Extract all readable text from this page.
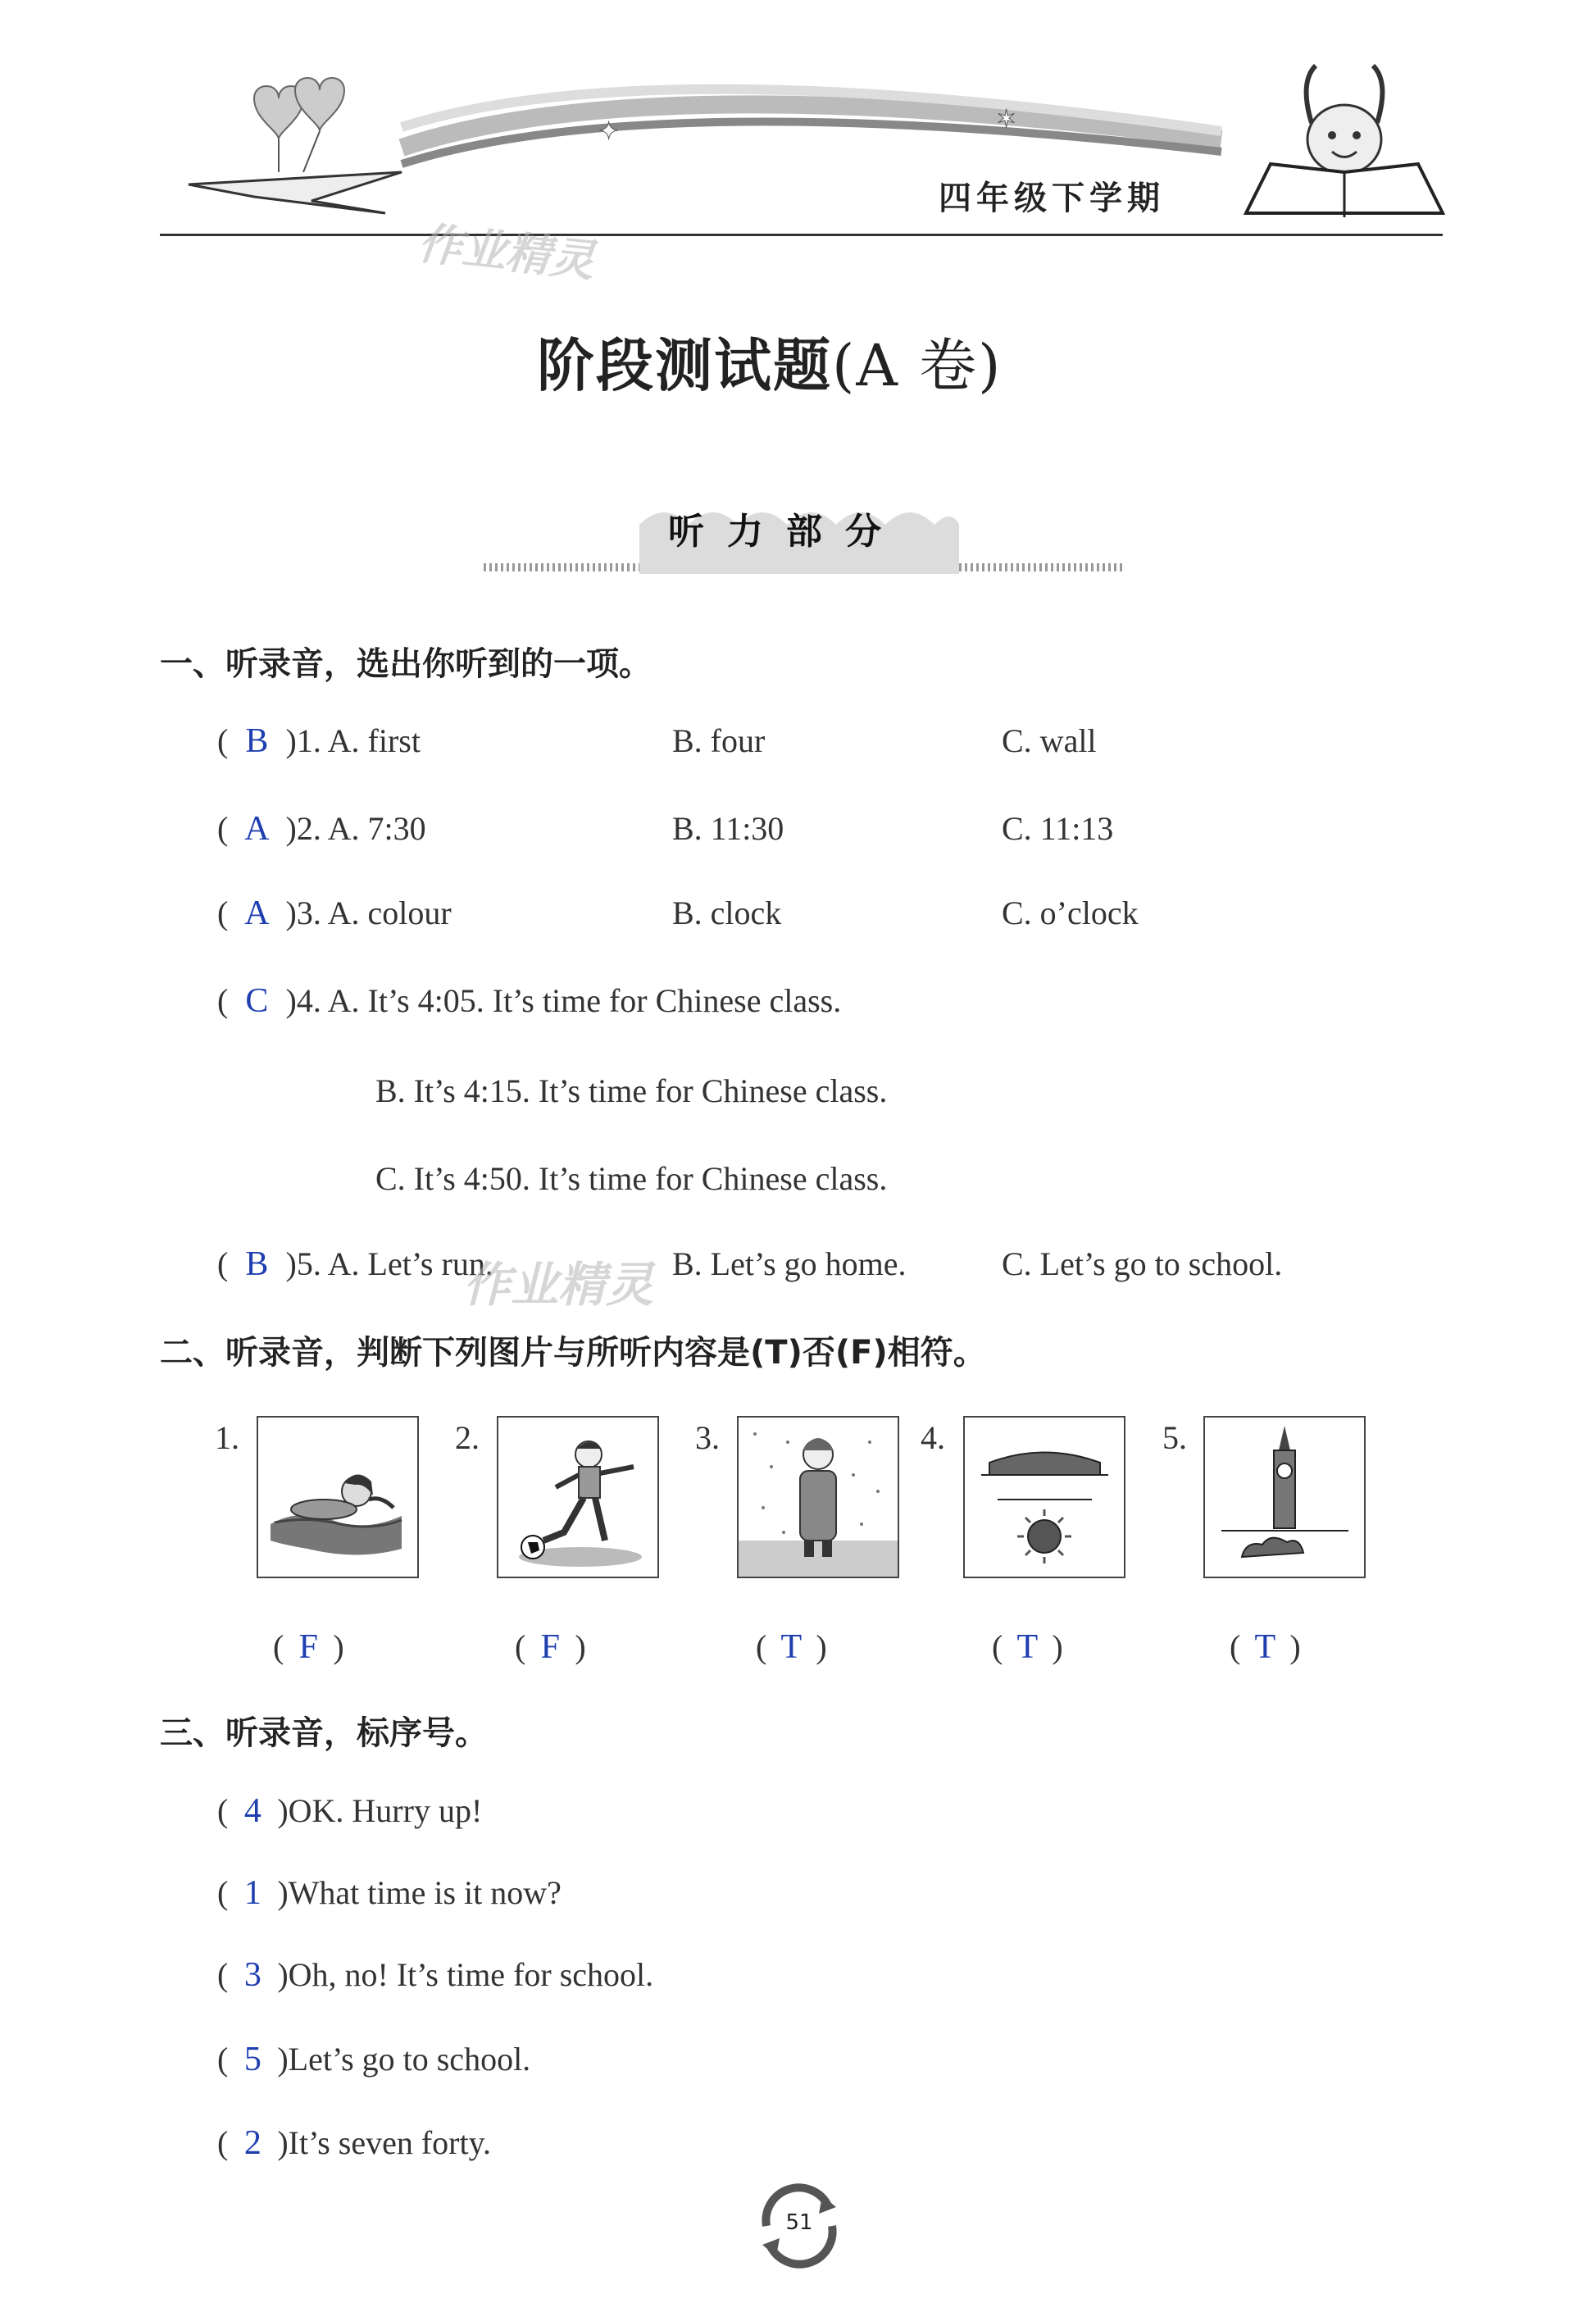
✦	✶
四年级下学期
作业精灵
阶段测试题(A 卷)
听力部分
一、听录音，选出你听到的一项。
( B )1. A. first	B. four	C. wall
( A )2. A. 7:30	B. 11:30	C. 11:13
( A )3. A. colour	B. clock	C. o’clock
( C )4. A. It’s 4:05. It’s time for Chinese class.
B. It’s 4:15. It’s time for Chinese class.
C. It’s 4:50. It’s time for Chinese class.
( B )5. A. Let’s run.	B. Let’s go home.	C. Let’s go to school.
作业精灵
二、听录音，判断下列图片与所听内容是(T)否(F)相符。
1.	2.	3.	4.	5.
( F )	( F )	( T )	( T )	( T )
三、听录音，标序号。
( 4 )OK. Hurry up!
( 1 )What time is it now?
( 3 )Oh, no! It’s time for school.
( 5 )Let’s go to school.
( 2 )It’s seven forty.
51
